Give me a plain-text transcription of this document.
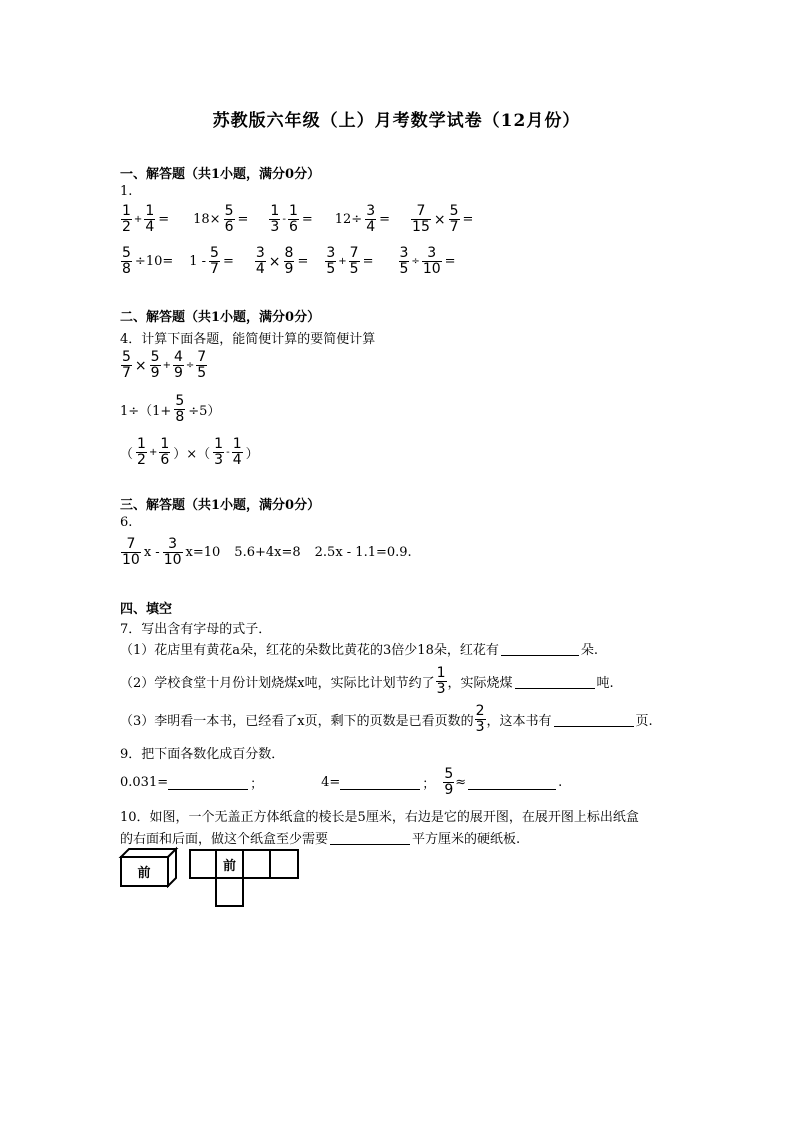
苏教版六年级（上）月考数学试卷（12月份）
一、解答题（共1小题，满分0分）
1.
$\frac{1}{2} + \frac{1}{4} = 18\times \frac{5}{6} = \frac{1}{3} - \frac{1}{6} = 12\div \frac{3}{4} = \frac{7}{15} \times \frac{5}{7}$ =
$\frac{5}{8} \div 10= 1 - \frac{5}{7} = \frac{3}{4} \times \frac{8}{9} = \frac{3}{5} + \frac{7}{5} = \frac{3}{5} \div \frac{3}{10}$ =
二、解答题（共1小题，满分0分）
4．计算下面各题，能简便计算的要简便计算
$\frac{5}{7} \times \frac{5}{9} + \frac{4}{9} \div \frac{7}{5}$
$1\div(1+ \frac{5}{8} \div 5)$
（ $\frac{1}{2} + \frac{1}{6}$ ）×（ $\frac{1}{3} - \frac{1}{4}$ ）
三、解答题（共1小题，满分0分）
6.
$\frac{7}{10}$ $x - \frac{3}{10} x=10$ 5.6+4x=8 2.5x - 1.1=0.9.
四、填空
7．写出含有字母的式子．
（1）花店里有黄花a朵，红花的朵数比黄花的3倍少18朵，红花有	朵.
（2）学校食堂十月份计划烧煤x吨，实际比计划节约了 $\frac{1}{3}$ ，实际烧煤	吨.
（3）李明看一本书，已经看了x页，剩下的页数是已看页数的 $\frac{2}{3}$ ，这本书有	页.
9．把下面各数化成百分数．
0.031=	；	4=	； $\frac{5}{9}$ ≈	.
10．如图，一个无盖正方体纸盒的棱长是5厘米，右边是它的展开图，在展开图上标出纸盒
的右面和后面，做这个纸盒至少需要	平方厘米的硬纸板.
前	前
